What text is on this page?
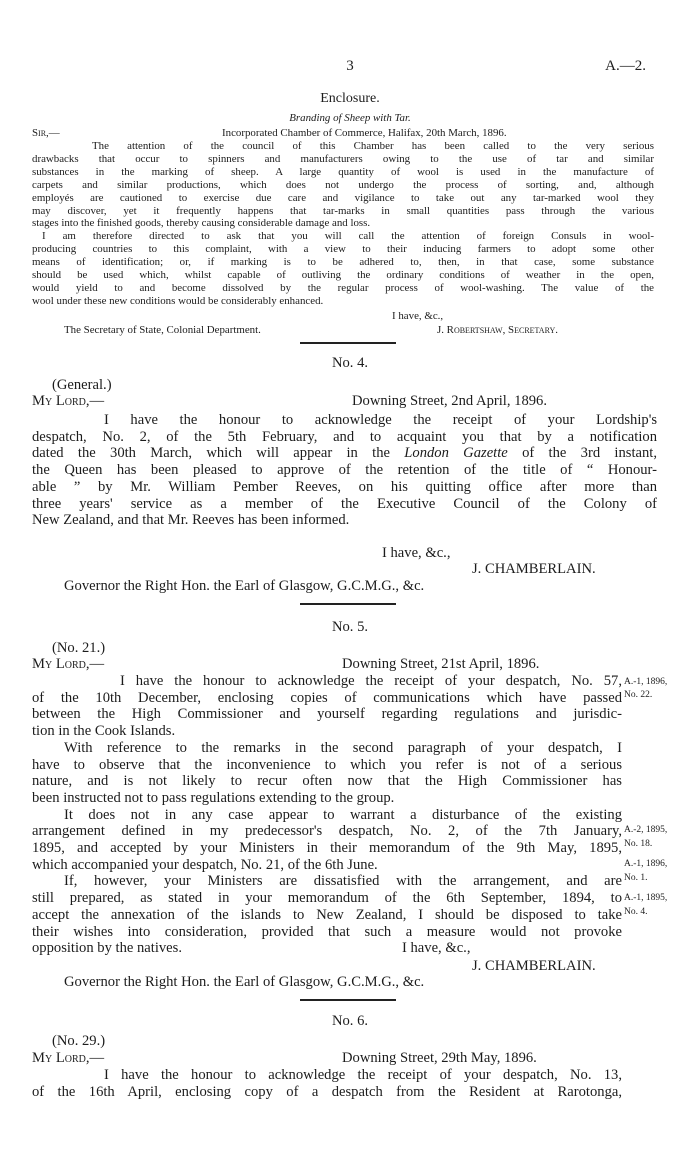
3	A.—2.
Enclosure.
Branding of Sheep with Tar.
Sir,—	Incorporated Chamber of Commerce, Halifax, 20th March, 1896.
The attention of the council of this Chamber has been called to the very serious
drawbacks that occur to spinners and manufacturers owing to the use of tar and similar
substances in the marking of sheep. A large quantity of wool is used in the manufacture of
carpets and similar productions, which does not undergo the process of sorting, and, although
employés are cautioned to exercise due care and vigilance to take out any tar-marked wool they
may discover, yet it frequently happens that tar-marks in small quantities pass through the various
stages into the finished goods, thereby causing considerable damage and loss.
I am therefore directed to ask that you will call the attention of foreign Consuls in wool-
producing countries to this complaint, with a view to their inducing farmers to adopt some other
means of identification; or, if marking is to be adhered to, then, in that case, some substance
should be used which, whilst capable of outliving the ordinary conditions of weather in the open,
would yield to and become dissolved by the regular process of wool-washing. The value of the
wool under these new conditions would be considerably enhanced.
I have, &c.,
The Secretary of State, Colonial Department.	J. Robertshaw, Secretary.
No. 4.
(General.)
My Lord,—	Downing Street, 2nd April, 1896.
I have the honour to acknowledge the receipt of your Lordship's
despatch, No. 2, of the 5th February, and to acquaint you that by a notification
dated the 30th March, which will appear in the London Gazette of the 3rd instant,
the Queen has been pleased to approve of the retention of the title of “ Honour-
able ” by Mr. William Pember Reeves, on his quitting office after more than
three years' service as a member of the Executive Council of the Colony of
New Zealand, and that Mr. Reeves has been informed.
I have, &c.,
J. CHAMBERLAIN.
Governor the Right Hon. the Earl of Glasgow, G.C.M.G., &c.
No. 5.
(No. 21.)
My Lord,—	Downing Street, 21st April, 1896.
I have the honour to acknowledge the receipt of your despatch, No. 57,
of the 10th December, enclosing copies of communications which have passed
between the High Commissioner and yourself regarding regulations and jurisdic-
tion in the Cook Islands.
With reference to the remarks in the second paragraph of your despatch, I
have to observe that the inconvenience to which you refer is not of a serious
nature, and is not likely to recur often now that the High Commissioner has
been instructed not to pass regulations extending to the group.
It does not in any case appear to warrant a disturbance of the existing
arrangement defined in my predecessor's despatch, No. 2, of the 7th January,
1895, and accepted by your Ministers in their memorandum of the 9th May, 1895,
which accompanied your despatch, No. 21, of the 6th June.
If, however, your Ministers are dissatisfied with the arrangement, and are
still prepared, as stated in your memorandum of the 6th September, 1894, to
accept the annexation of the islands to New Zealand, I should be disposed to take
their wishes into consideration, provided that such a measure would not provoke
opposition by the natives.	I have, &c.,
J. CHAMBERLAIN.
Governor the Right Hon. the Earl of Glasgow, G.C.M.G., &c.
A.-1, 1896,
No. 22.
A.-2, 1895,
No. 18.
A.-1, 1896,
No. 1.
A.-1, 1895,
No. 4.
No. 6.
(No. 29.)
My Lord,—	Downing Street, 29th May, 1896.
I have the honour to acknowledge the receipt of your despatch, No. 13,
of the 16th April, enclosing copy of a despatch from the Resident at Rarotonga,
